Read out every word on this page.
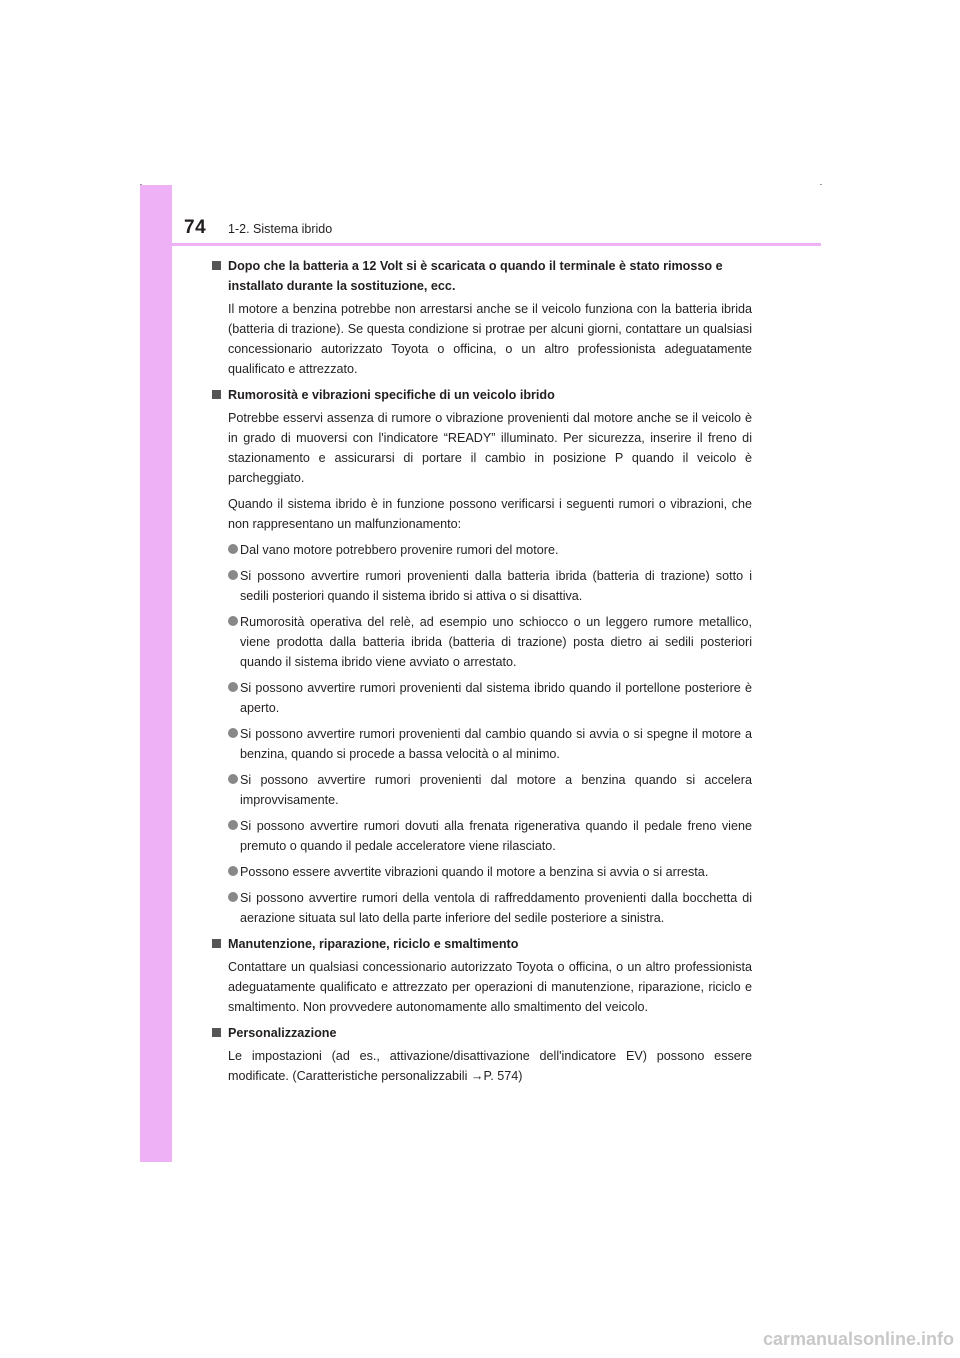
74 1-2. Sistema ibrido
Dopo che la batteria a 12 Volt si è scaricata o quando il terminale è stato rimosso e installato durante la sostituzione, ecc.
Il motore a benzina potrebbe non arrestarsi anche se il veicolo funziona con la batteria ibrida (batteria di trazione). Se questa condizione si protrae per alcuni giorni, contattare un qualsiasi concessionario autorizzato Toyota o officina, o un altro professionista adeguatamente qualificato e attrezzato.
Rumorosità e vibrazioni specifiche di un veicolo ibrido
Potrebbe esservi assenza di rumore o vibrazione provenienti dal motore anche se il veicolo è in grado di muoversi con l'indicatore “READY” illuminato. Per sicurezza, inserire il freno di stazionamento e assicurarsi di portare il cambio in posizione P quando il veicolo è parcheggiato.
Quando il sistema ibrido è in funzione possono verificarsi i seguenti rumori o vibrazioni, che non rappresentano un malfunzionamento:
Dal vano motore potrebbero provenire rumori del motore.
Si possono avvertire rumori provenienti dalla batteria ibrida (batteria di trazione) sotto i sedili posteriori quando il sistema ibrido si attiva o si disattiva.
Rumorosità operativa del relè, ad esempio uno schiocco o un leggero rumore metallico, viene prodotta dalla batteria ibrida (batteria di trazione) posta dietro ai sedili posteriori quando il sistema ibrido viene avviato o arrestato.
Si possono avvertire rumori provenienti dal sistema ibrido quando il portellone posteriore è aperto.
Si possono avvertire rumori provenienti dal cambio quando si avvia o si spegne il motore a benzina, quando si procede a bassa velocità o al minimo.
Si possono avvertire rumori provenienti dal motore a benzina quando si accelera improvvisamente.
Si possono avvertire rumori dovuti alla frenata rigenerativa quando il pedale freno viene premuto o quando il pedale acceleratore viene rilasciato.
Possono essere avvertite vibrazioni quando il motore a benzina si avvia o si arresta.
Si possono avvertire rumori della ventola di raffreddamento provenienti dalla bocchetta di aerazione situata sul lato della parte inferiore del sedile posteriore a sinistra.
Manutenzione, riparazione, riciclo e smaltimento
Contattare un qualsiasi concessionario autorizzato Toyota o officina, o un altro professionista adeguatamente qualificato e attrezzato per operazioni di manutenzione, riparazione, riciclo e smaltimento. Non provvedere autonomamente allo smaltimento del veicolo.
Personalizzazione
Le impostazioni (ad es., attivazione/disattivazione dell'indicatore EV) possono essere modificate. (Caratteristiche personalizzabili →P. 574)
carmanualsonline.info
